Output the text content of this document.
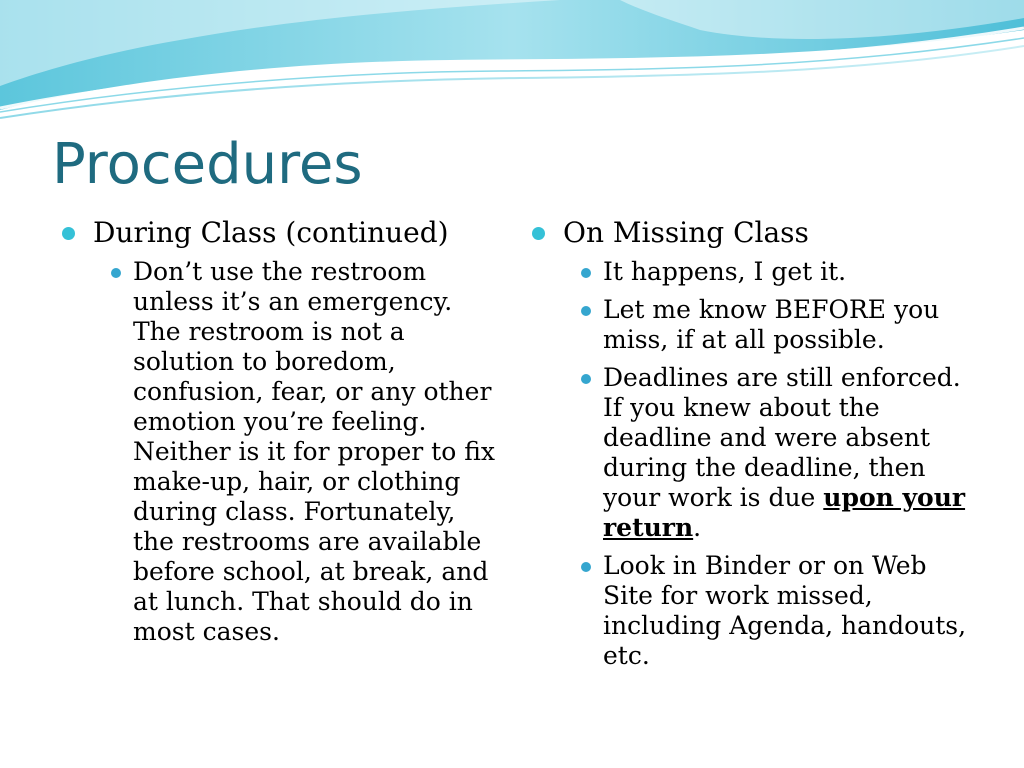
Procedures
During Class (continued)
Don’t use the restroom unless it’s an emergency. The restroom is not a solution to boredom, confusion, fear, or any other emotion you’re feeling. Neither is it for proper to fix make-up, hair, or clothing during class. Fortunately, the restrooms are available before school, at break, and at lunch. That should do in most cases.
On Missing Class
It happens, I get it.
Let me know BEFORE you miss, if at all possible.
Deadlines are still enforced. If you knew about the deadline and were absent during the deadline, then your work is due upon your return.
Look in Binder or on Web Site for work missed, including Agenda, handouts, etc.
